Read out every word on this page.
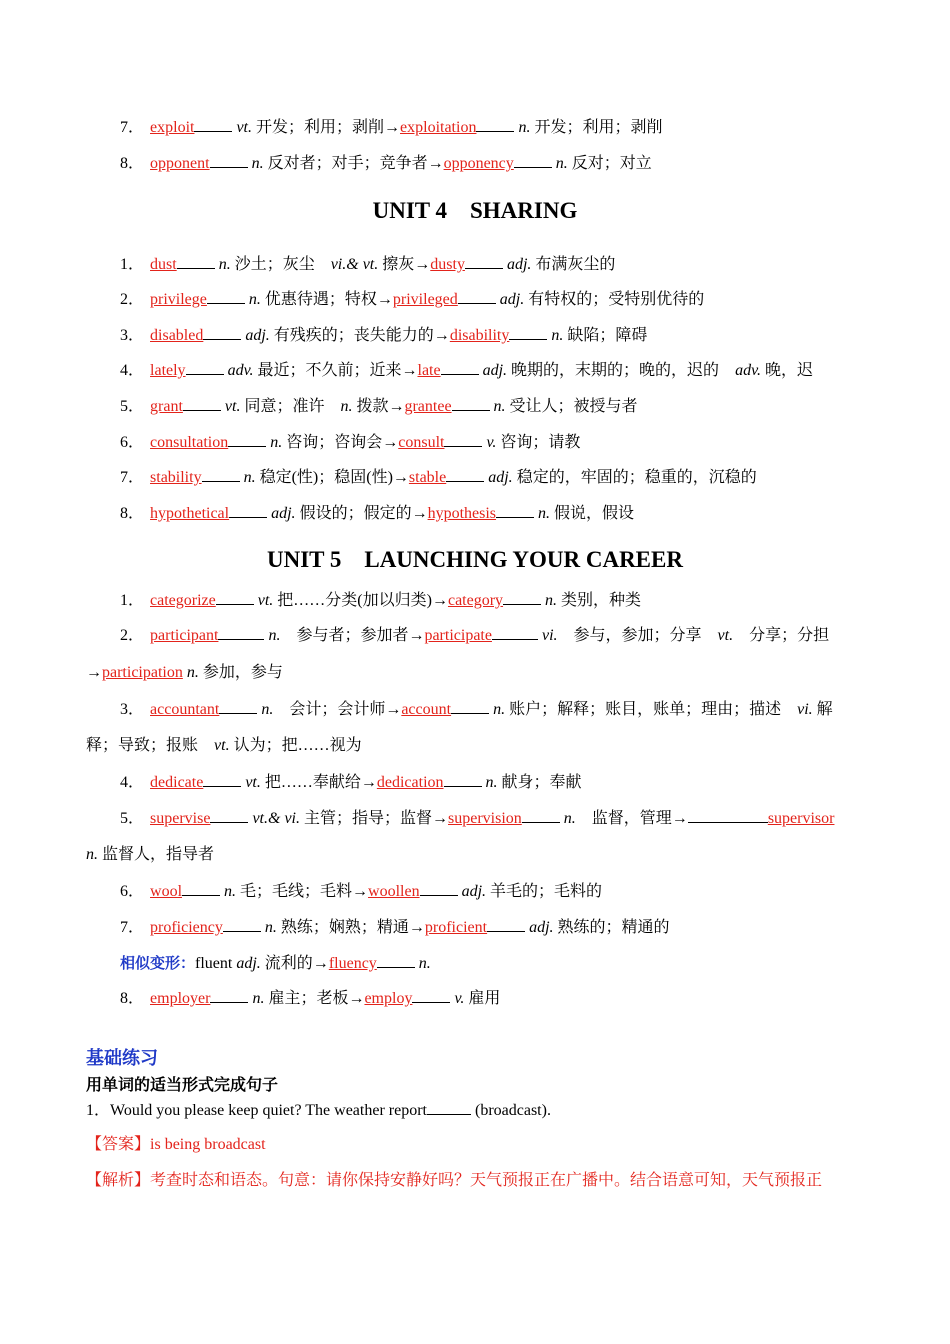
7． exploit	vt. 开发；利用；剥削→exploitation	n. 开发；利用；剥削
8． opponent	n. 反对者；对手；竞争者→opponency	n. 反对；对立
UNIT 4　SHARING
1． dust	n. 沙土；灰尘　vi.& vt. 擦灰→dusty	adj. 布满灰尘的
2． privilege	n. 优惠待遇；特权→privileged	adj. 有特权的；受特别优待的
3． disabled	adj. 有残疾的；丧失能力的→disability	n. 缺陷；障碍
4． lately	adv. 最近；不久前；近来→late	adj. 晚期的，末期的；晚的，迟的　adv. 晚，迟
5． grant	vt. 同意；准许　n. 拨款→grantee	n. 受让人；被授与者
6． consultation	n. 咨询；咨询会→consult	v. 咨询；请教
7． stability	n. 稳定(性)；稳固(性)→stable	adj. 稳定的，牢固的；稳重的，沉稳的
8． hypothetical	adj. 假设的；假定的→hypothesis	n. 假说，假设
UNIT 5　LAUNCHING YOUR CAREER
1． categorize	vt. 把……分类(加以归类)→category	n. 类别，种类
2． participant	n.　参与者；参加者→participate	vi.　参与，参加；分享　vt.　分享；分担
→participation n. 参加，参与
3． accountant	n.　会计；会计师→account	n. 账户；解释；账目，账单；理由；描述　vi. 解
释；导致；报账　vt. 认为；把……视为
4． dedicate	vt. 把……奉献给→dedication	n. 献身；奉献
5． supervise	vt.& vi. 主管；指导；监督→supervision	n.　监督，管理→	supervisor
n. 监督人，指导者
6． wool	n. 毛；毛线；毛料→woollen	adj. 羊毛的；毛料的
7． proficiency	n. 熟练；娴熟；精通→proficient	adj. 熟练的；精通的
相似变形：fluent adj. 流利的→fluency	n.
8． employer	n. 雇主；老板→employ	v. 雇用
基础练习
用单词的适当形式完成句子
1．Would you please keep quiet? The weather report	(broadcast).
【答案】is being broadcast
【解析】考查时态和语态。句意：请你保持安静好吗？天气预报正在广播中。结合语意可知，天气预报正
